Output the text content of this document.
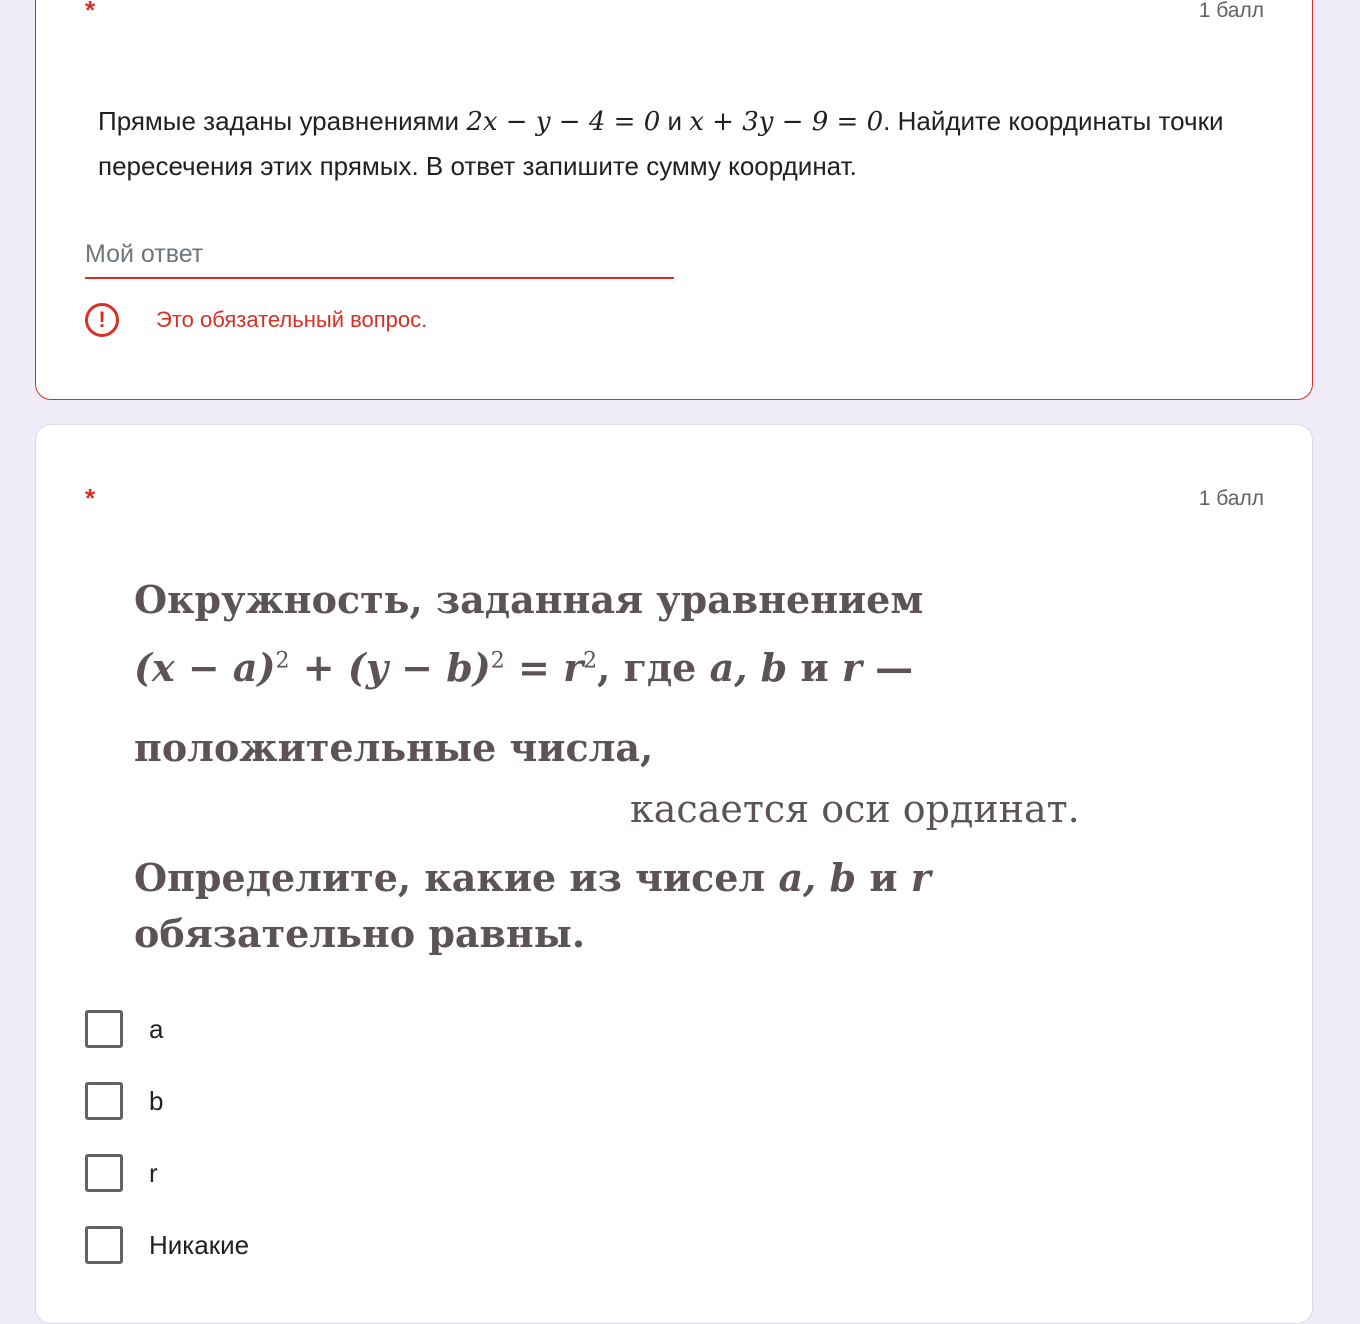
*	1 балл
Прямые заданы уравнениями 2x − y − 4 = 0 и x + 3y − 9 = 0. Найдите координаты точки пересечения этих прямых. В ответ запишите сумму координат.
Мой ответ
!	Это обязательный вопрос.
*	1 балл
Окружность, заданная уравнением
$(x - a)^2 + (y - b)^2 = r^2$, где a, b и r —
положительные числа,
касается оси ординат.
Определите, какие из чисел a, b и r
обязательно равны.
a
b
r
Никакие
